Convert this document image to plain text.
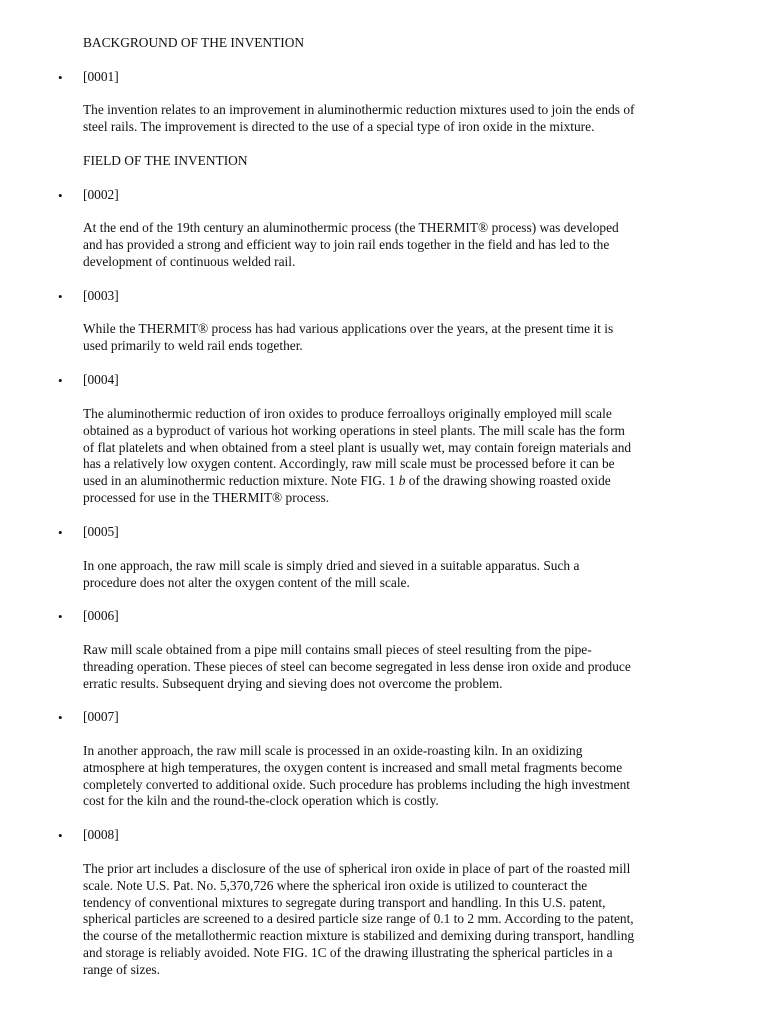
BACKGROUND OF THE INVENTION
• [0001]
The invention relates to an improvement in aluminothermic reduction mixtures used to join the ends of
steel rails. The improvement is directed to the use of a special type of iron oxide in the mixture.
FIELD OF THE INVENTION
• [0002]
At the end of the 19th century an aluminothermic process (the THERMIT® process) was developed
and has provided a strong and efficient way to join rail ends together in the field and has led to the
development of continuous welded rail.
• [0003]
While the THERMIT® process has had various applications over the years, at the present time it is
used primarily to weld rail ends together.
• [0004]
The aluminothermic reduction of iron oxides to produce ferroalloys originally employed mill scale
obtained as a byproduct of various hot working operations in steel plants. The mill scale has the form
of flat platelets and when obtained from a steel plant is usually wet, may contain foreign materials and
has a relatively low oxygen content. Accordingly, raw mill scale must be processed before it can be
used in an aluminothermic reduction mixture. Note FIG. 1 b of the drawing showing roasted oxide
processed for use in the THERMIT® process.
• [0005]
In one approach, the raw mill scale is simply dried and sieved in a suitable apparatus. Such a
procedure does not alter the oxygen content of the mill scale.
• [0006]
Raw mill scale obtained from a pipe mill contains small pieces of steel resulting from the pipe-
threading operation. These pieces of steel can become segregated in less dense iron oxide and produce
erratic results. Subsequent drying and sieving does not overcome the problem.
• [0007]
In another approach, the raw mill scale is processed in an oxide-roasting kiln. In an oxidizing
atmosphere at high temperatures, the oxygen content is increased and small metal fragments become
completely converted to additional oxide. Such procedure has problems including the high investment
cost for the kiln and the round-the-clock operation which is costly.
• [0008]
The prior art includes a disclosure of the use of spherical iron oxide in place of part of the roasted mill
scale. Note U.S. Pat. No. 5,370,726 where the spherical iron oxide is utilized to counteract the
tendency of conventional mixtures to segregate during transport and handling. In this U.S. patent,
spherical particles are screened to a desired particle size range of 0.1 to 2 mm. According to the patent,
the course of the metallothermic reaction mixture is stabilized and demixing during transport, handling
and storage is reliably avoided. Note FIG. 1C of the drawing illustrating the spherical particles in a
range of sizes.
